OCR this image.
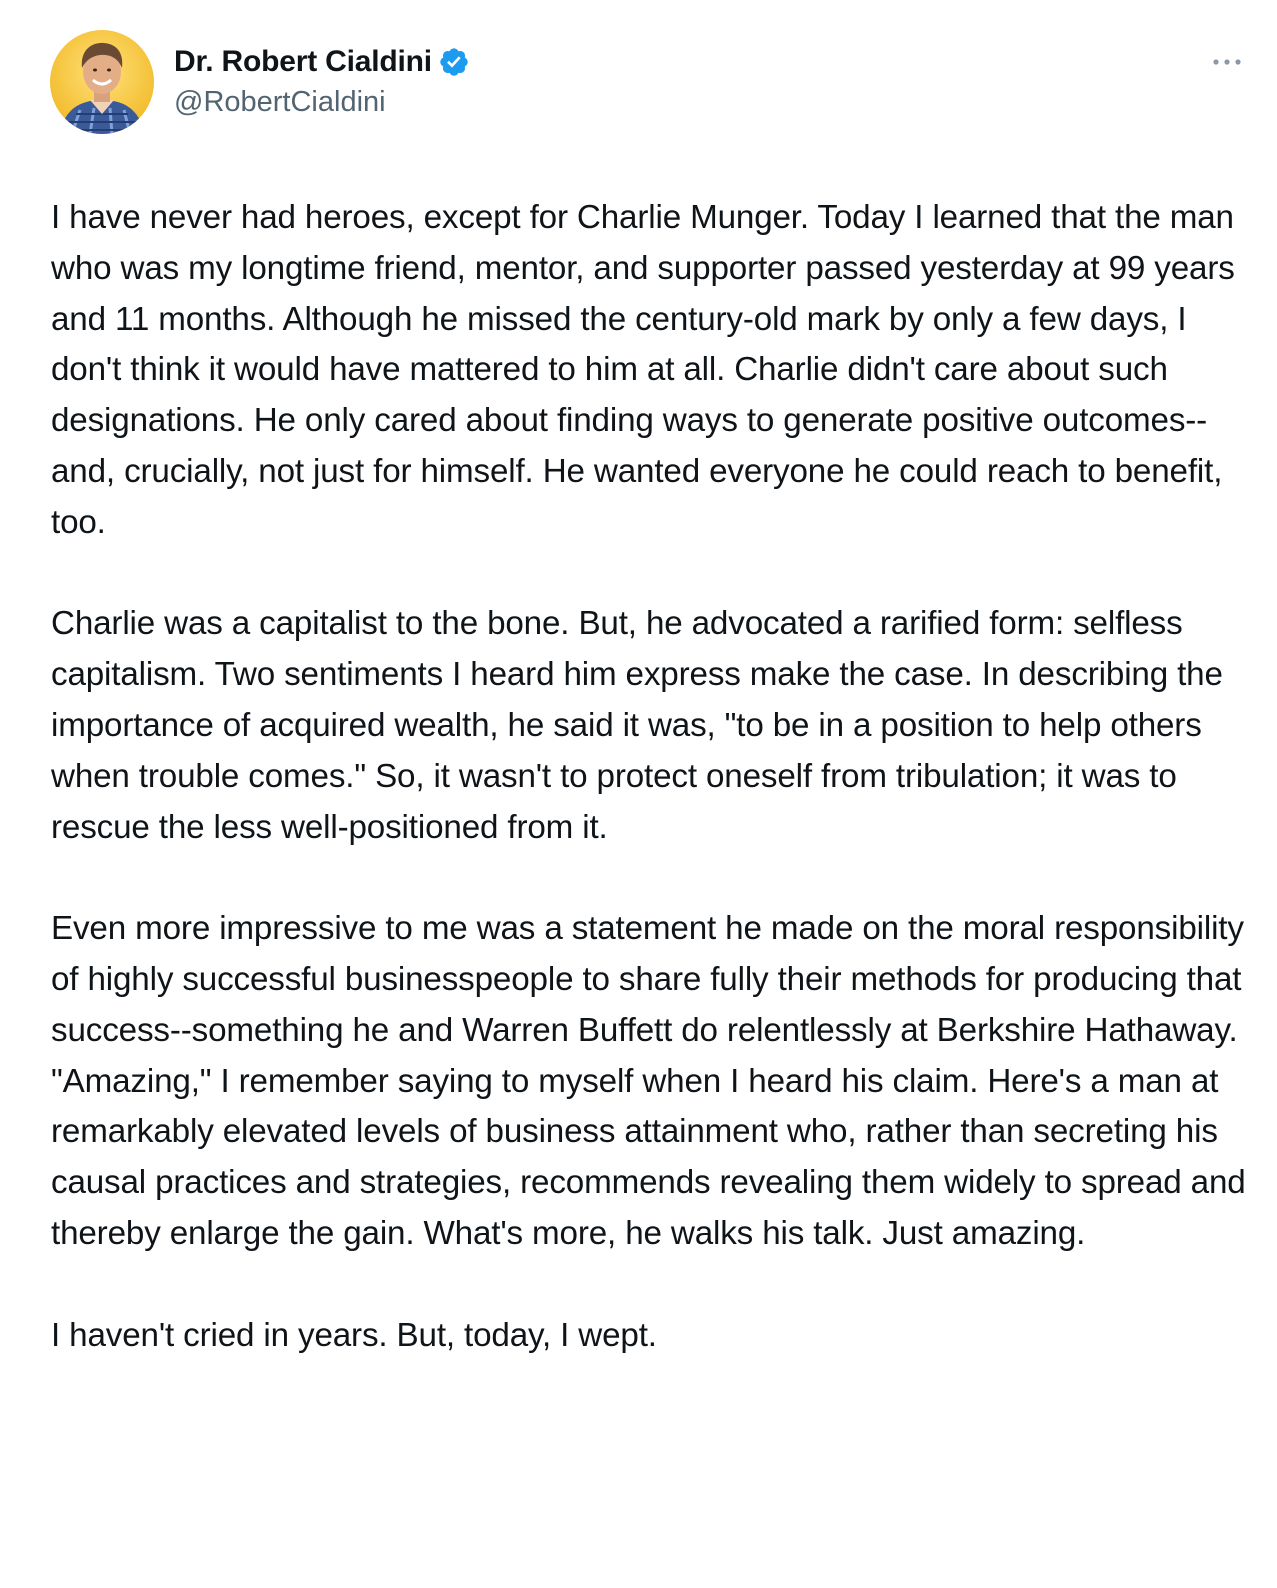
Dr. Robert Cialdini
@RobertCialdini

I have never had heroes, except for Charlie Munger. Today I learned that the man who was my longtime friend, mentor, and supporter passed yesterday at 99 years and 11 months. Although he missed the century-old mark by only a few days, I don't think it would have mattered to him at all. Charlie didn't care about such designations. He only cared about finding ways to generate positive outcomes--and, crucially, not just for himself. He wanted everyone he could reach to benefit, too.

Charlie was a capitalist to the bone. But, he advocated a rarified form: selfless capitalism. Two sentiments I heard him express make the case. In describing the importance of acquired wealth, he said it was, "to be in a position to help others when trouble comes." So, it wasn't to protect oneself from tribulation; it was to rescue the less well-positioned from it.

Even more impressive to me was a statement he made on the moral responsibility of highly successful businesspeople to share fully their methods for producing that success--something he and Warren Buffett do relentlessly at Berkshire Hathaway. "Amazing," I remember saying to myself when I heard his claim. Here's a man at remarkably elevated levels of business attainment who, rather than secreting his causal practices and strategies, recommends revealing them widely to spread and thereby enlarge the gain. What's more, he walks his talk. Just amazing.

I haven't cried in years. But, today, I wept.
